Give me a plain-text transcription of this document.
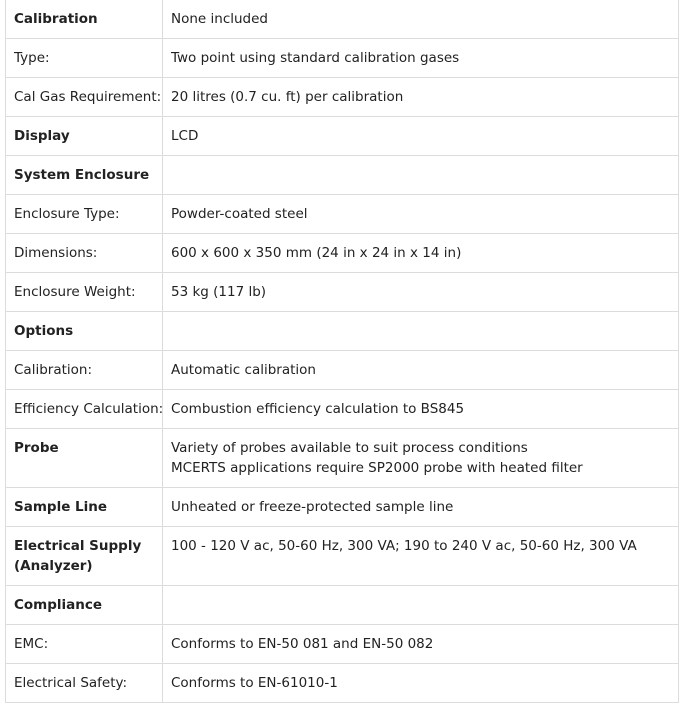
Calibration	None included

Type:	Two point using standard calibration gases

Cal Gas Requirement:	20 litres (0.7 cu. ft) per calibration

Display	LCD

System Enclosure	
Enclosure Type:	Powder-coated steel

Dimensions:	600 x 600 x 350 mm (24 in x 24 in x 14 in)

Enclosure Weight:	53 kg (117 lb)

Options	
Calibration:	Automatic calibration

Efficiency Calculation:	Combustion efficiency calculation to BS845

Probe	Variety of probes available to suit process conditions
MCERTS applications require SP2000 probe with heated filter

Sample Line	Unheated or freeze-protected sample line

Electrical Supply
(Analyzer)	100 - 120 V ac, 50-60 Hz, 300 VA; 190 to 240 V ac, 50-60 Hz, 300 VA

Compliance	
EMC:	Conforms to EN-50 081 and EN-50 082

Electrical Safety:	Conforms to EN-61010-1
